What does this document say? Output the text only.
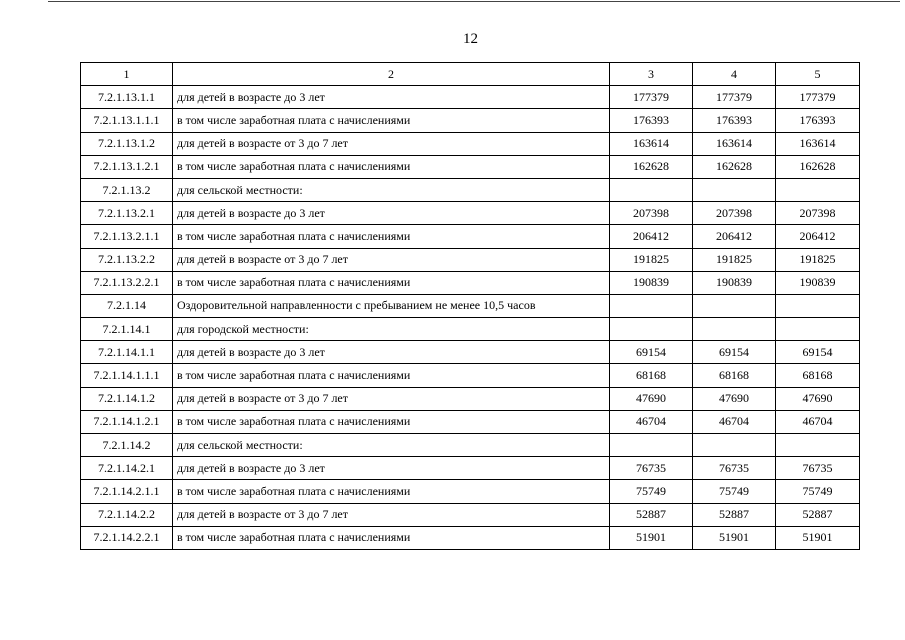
12
1	2	3	4	5
7.2.1.13.1.1	для детей в возрасте до 3 лет	177379	177379	177379
7.2.1.13.1.1.1	в том числе заработная плата с начислениями	176393	176393	176393
7.2.1.13.1.2	для детей в возрасте от 3 до 7 лет	163614	163614	163614
7.2.1.13.1.2.1	в том числе заработная плата с начислениями	162628	162628	162628
7.2.1.13.2	для сельской местности:			
7.2.1.13.2.1	для детей в возрасте до 3 лет	207398	207398	207398
7.2.1.13.2.1.1	в том числе заработная плата с начислениями	206412	206412	206412
7.2.1.13.2.2	для детей в возрасте от 3 до 7 лет	191825	191825	191825
7.2.1.13.2.2.1	в том числе заработная плата с начислениями	190839	190839	190839
7.2.1.14	Оздоровительной направленности с пребыванием не менее 10,5 часов			
7.2.1.14.1	для городской местности:			
7.2.1.14.1.1	для детей в возрасте до 3 лет	69154	69154	69154
7.2.1.14.1.1.1	в том числе заработная плата с начислениями	68168	68168	68168
7.2.1.14.1.2	для детей в возрасте от 3 до 7 лет	47690	47690	47690
7.2.1.14.1.2.1	в том числе заработная плата с начислениями	46704	46704	46704
7.2.1.14.2	для сельской местности:			
7.2.1.14.2.1	для детей в возрасте до 3 лет	76735	76735	76735
7.2.1.14.2.1.1	в том числе заработная плата с начислениями	75749	75749	75749
7.2.1.14.2.2	для детей в возрасте от 3 до 7 лет	52887	52887	52887
7.2.1.14.2.2.1	в том числе заработная плата с начислениями	51901	51901	51901
